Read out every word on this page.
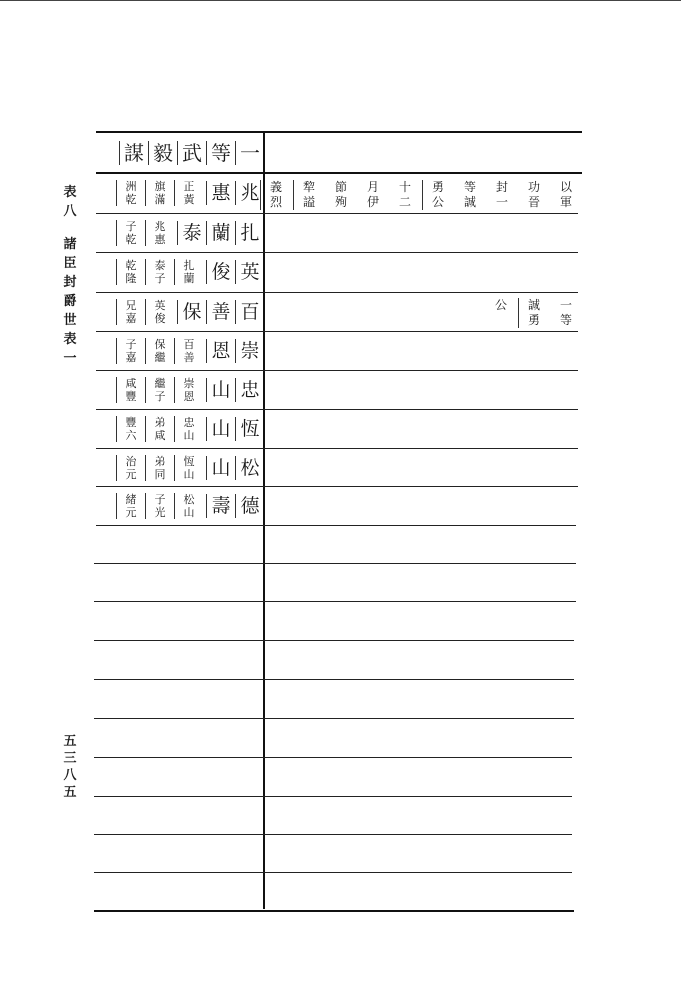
表
八
諸
臣
封
爵
世
表
一
五
三
八
五
一
等
武
毅
謀
兆
惠
正
黃
旗
滿
洲
乾
扎
蘭
泰
兆
惠
子
乾
英
俊
扎
蘭
泰
子
乾
隆
百
善
保
英
俊
兄
嘉
崇
恩
百
善
保
繼
子
嘉
忠
山
崇
恩
繼
子
咸
豐
恆
山
忠
山
弟
咸
豐
六
松
山
恆
山
弟
同
治
元
德
壽
松
山
子
光
緒
元
以
軍
功
晉
封
一
等
誠
勇
公
十
二
月
伊
節
殉
犂
謚
義
烈
一
等
誠
勇
公
